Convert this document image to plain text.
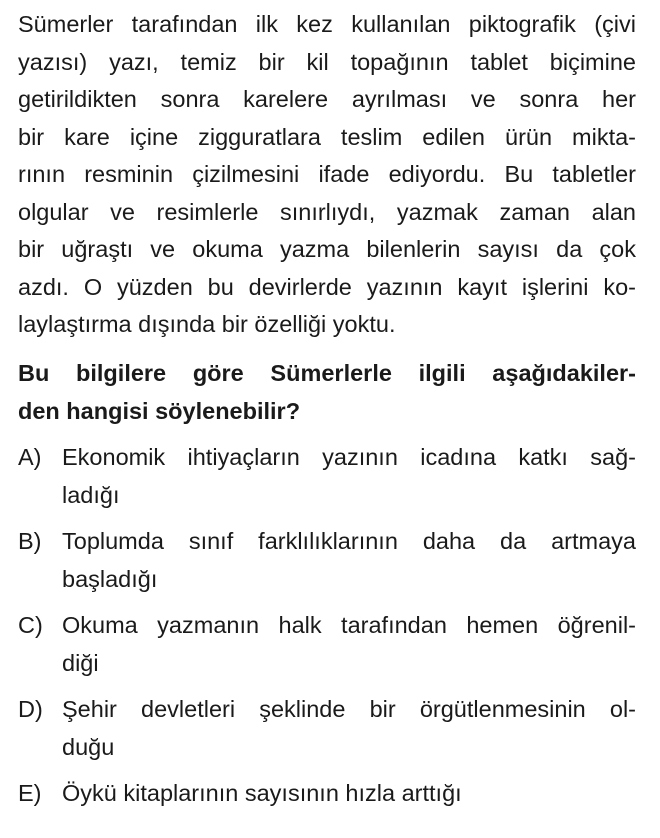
Sümerler tarafından ilk kez kullanılan piktografik (çivi
yazısı) yazı, temiz bir kil topağının tablet biçimine
getirildikten sonra karelere ayrılması ve sonra her
bir kare içine zigguratlara teslim edilen ürün mikta-
rının resminin çizilmesini ifade ediyordu. Bu tabletler
olgular ve resimlerle sınırlıydı, yazmak zaman alan
bir uğraştı ve okuma yazma bilenlerin sayısı da çok
azdı. O yüzden bu devirlerde yazının kayıt işlerini ko-
laylaştırma dışında bir özelliği yoktu.
Bu bilgilere göre Sümerlerle ilgili aşağıdakiler-
den hangisi söylenebilir?
A) Ekonomik ihtiyaçların yazının icadına katkı sağ-
ladığı
B) Toplumda sınıf farklılıklarının daha da artmaya
başladığı
C) Okuma yazmanın halk tarafından hemen öğrenil-
diği
D) Şehir devletleri şeklinde bir örgütlenmesinin ol-
duğu
E) Öykü kitaplarının sayısının hızla arttığı
